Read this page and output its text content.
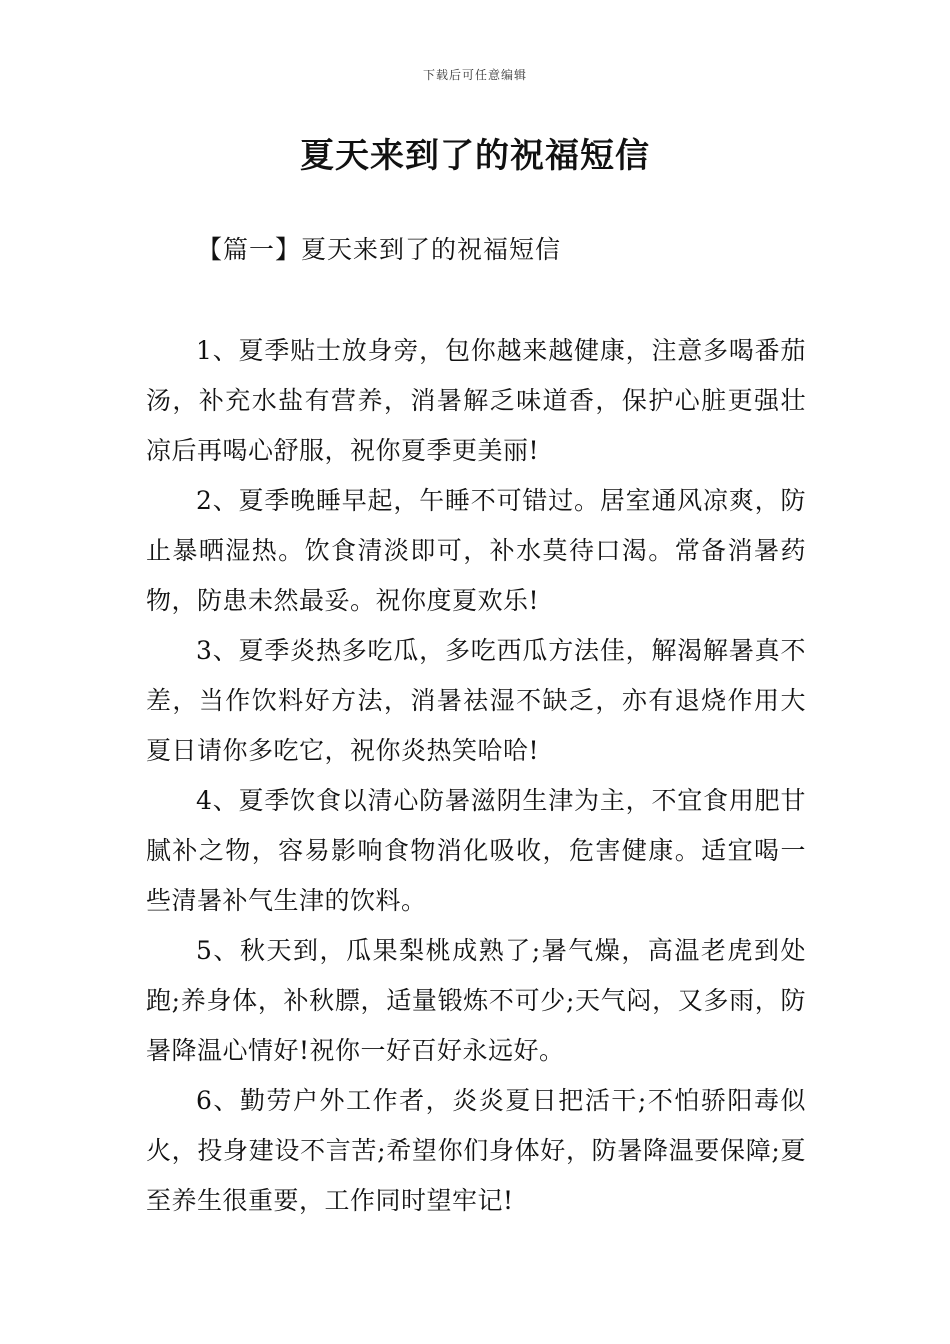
下载后可任意编辑
夏天来到了的祝福短信
【篇一】夏天来到了的祝福短信

1、夏季贴士放身旁，包你越来越健康，注意多喝番茄汤，补充水盐有营养，消暑解乏味道香，保护心脏更强壮凉后再喝心舒服，祝你夏季更美丽!

2、夏季晚睡早起，午睡不可错过。居室通风凉爽，防止暴晒湿热。饮食清淡即可，补水莫待口渴。常备消暑药物，防患未然最妥。祝你度夏欢乐!

3、夏季炎热多吃瓜，多吃西瓜方法佳，解渴解暑真不差，当作饮料好方法，消暑祛湿不缺乏，亦有退烧作用大夏日请你多吃它，祝你炎热笑哈哈!

4、夏季饮食以清心防暑滋阴生津为主，不宜食用肥甘腻补之物，容易影响食物消化吸收，危害健康。适宜喝一些清暑补气生津的饮料。

5、秋天到，瓜果梨桃成熟了;暑气燥，高温老虎到处跑;养身体，补秋膘，适量锻炼不可少;天气闷，又多雨，防暑降温心情好!祝你一好百好永远好。

6、勤劳户外工作者，炎炎夏日把活干;不怕骄阳毒似火，投身建设不言苦;希望你们身体好，防暑降温要保障;夏至养生很重要，工作同时望牢记!
